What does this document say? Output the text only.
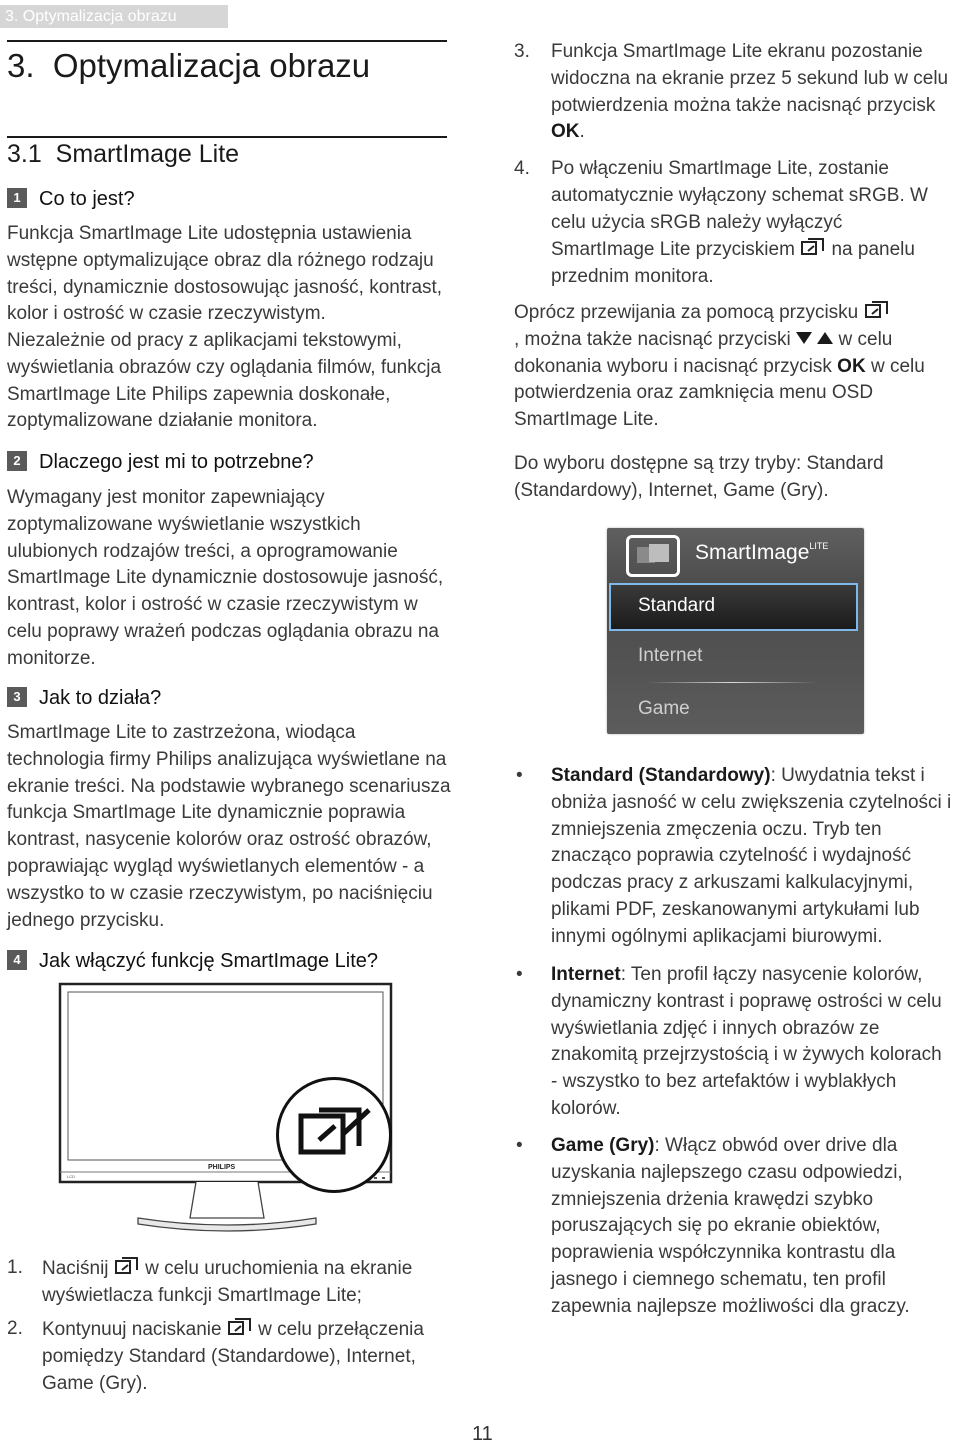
3. Optymalizacja obrazu
3.  Optymalizacja obrazu
3.1  SmartImage Lite
1 Co to jest?
Funkcja SmartImage Lite udostępnia ustawienia wstępne optymalizujące obraz dla różnego rodzaju treści, dynamicznie dostosowując jasność, kontrast, kolor i ostrość w czasie rzeczywistym.
Niezależnie od pracy z aplikacjami tekstowymi, wyświetlania obrazów czy oglądania filmów, funkcja SmartImage Lite Philips zapewnia doskonałe, zoptymalizowane działanie monitora.
2 Dlaczego jest mi to potrzebne?
Wymagany jest monitor zapewniający zoptymalizowane wyświetlanie wszystkich ulubionych rodzajów treści, a oprogramowanie SmartImage Lite dynamicznie dostosowuje jasność, kontrast, kolor i ostrość w czasie rzeczywistym w celu poprawy wrażeń podczas oglądania obrazu na monitorze.
3 Jak to działa?
SmartImage Lite to zastrzeżona, wiodąca technologia firmy Philips analizująca wyświetlane na ekranie treści. Na podstawie wybranego scenariusza funkcja SmartImage Lite dynamicznie poprawia kontrast, nasycenie kolorów oraz ostrość obrazów, poprawiając wygląd wyświetlanych elementów - a wszystko to w czasie rzeczywistym, po naciśnięciu jednego przycisku.
4 Jak włączyć funkcję SmartImage Lite?
LCD
PHILIPS
1. Naciśnij w celu uruchomienia na ekranie wyświetlacza funkcji SmartImage Lite;
2. Kontynuuj naciskanie w celu przełączenia pomiędzy Standard (Standardowe), Internet, Game (Gry).
3. Funkcja SmartImage Lite ekranu pozostanie widoczna na ekranie przez 5 sekund lub w celu potwierdzenia można także nacisnąć przycisk OK.
4. Po włączeniu SmartImage Lite, zostanie automatycznie wyłączony schemat sRGB. W celu użycia sRGB należy wyłączyć SmartImage Lite przyciskiem na panelu przednim monitora.
Oprócz przewijania za pomocą przycisku
, można także nacisnąć przyciski	w celu dokonania wyboru i nacisnąć przycisk OK w celu potwierdzenia oraz zamknięcia menu OSD SmartImage Lite.
Do wyboru dostępne są trzy tryby: Standard (Standardowy), Internet, Game (Gry).
SmartImage$^{LITE}$
Standard
Internet
Game
• Standard (Standardowy): Uwydatnia tekst i obniża jasność w celu zwiększenia czytelności i zmniejszenia zmęczenia oczu. Tryb ten znacząco poprawia czytelność i wydajność podczas pracy z arkuszami kalkulacyjnymi, plikami PDF, zeskanowanymi artykułami lub innymi ogólnymi aplikacjami biurowymi.
• Internet: Ten profil łączy nasycenie kolorów, dynamiczny kontrast i poprawę ostrości w celu wyświetlania zdjęć i innych obrazów ze znakomitą przejrzystością i w żywych kolorach - wszystko to bez artefaktów i wyblakłych kolorów.
• Game (Gry): Włącz obwód over drive dla uzyskania najlepszego czasu odpowiedzi, zmniejszenia drżenia krawędzi szybko poruszających się po ekranie obiektów, poprawienia współczynnika kontrastu dla jasnego i ciemnego schematu, ten profil zapewnia najlepsze możliwości dla graczy.
11
